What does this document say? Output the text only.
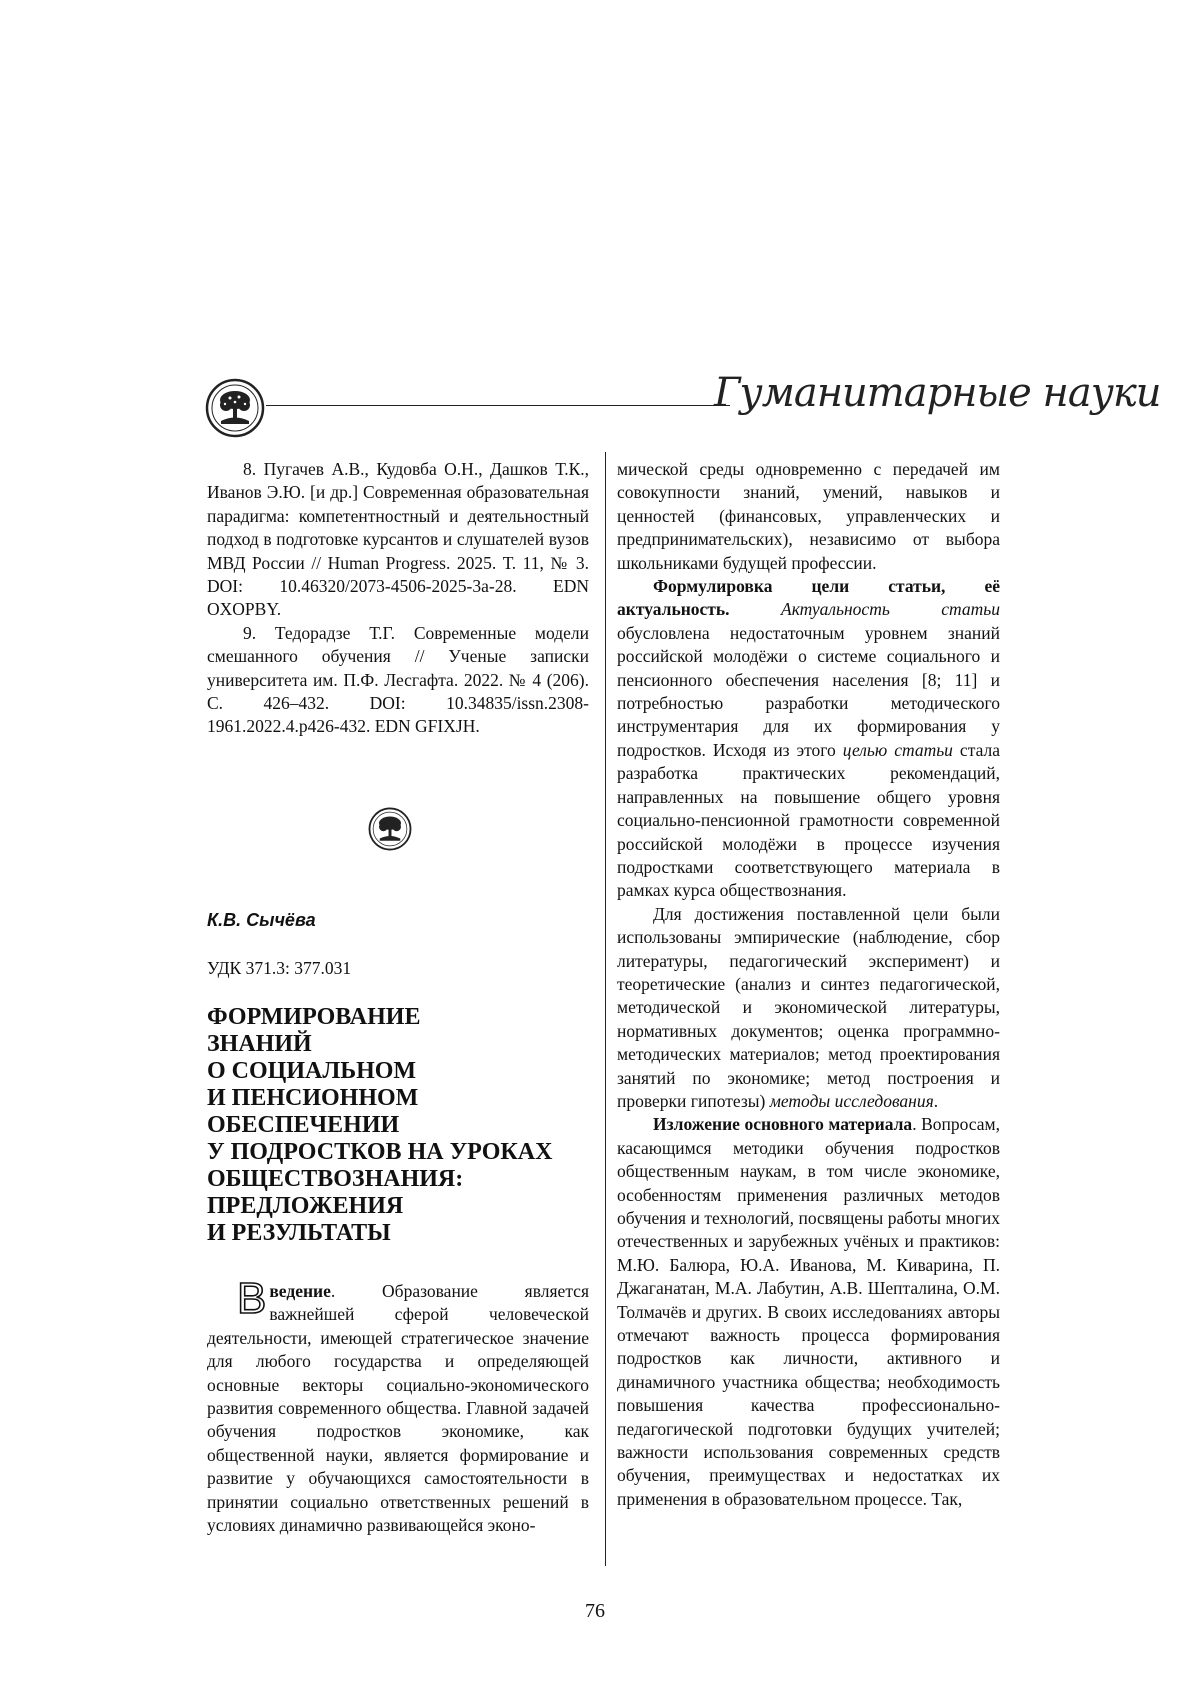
Гуманитарные науки

8. Пугачев А.В., Кудовба О.Н., Дашков Т.К., Иванов Э.Ю. [и др.] Современная образовательная парадигма: компетентностный и деятельностный подход в подготовке курсантов и слушателей вузов МВД России // Human Progress. 2025. Т. 11, № 3. DOI: 10.46320/2073-4506-2025-3a-28. EDN OXOPBY.

9. Тедорадзе Т.Г. Современные модели смешанного обучения // Ученые записки университета им. П.Ф. Лесгафта. 2022. № 4 (206). С. 426–432. DOI: 10.34835/issn.2308-1961.2022.4.p426-432. EDN GFIXJH.

К.В. Сычёва
УДК 371.3: 377.031
ФОРМИРОВАНИЕ
ЗНАНИЙ
О СОЦИАЛЬНОМ
И ПЕНСИОННОМ
ОБЕСПЕЧЕНИИ
У ПОДРОСТКОВ НА УРОКАХ
ОБЩЕСТВОЗНАНИЯ:
ПРЕДЛОЖЕНИЯ
И РЕЗУЛЬТАТЫ

Введение. Образование является важнейшей сферой человеческой деятельности, имеющей стратегическое значение для любого государства и определяющей основные векторы социально-экономического развития современного общества. Главной задачей обучения подростков экономике, как общественной науки, является формирование и развитие у обучающихся самостоятельности в принятии социально ответственных решений в условиях динамично развивающейся эконо-

мической среды одновременно с передачей им совокупности знаний, умений, навыков и ценностей (финансовых, управленческих и предпринимательских), независимо от выбора школьниками будущей профессии.

Формулировка цели статьи, её актуальность.	Актуальность статьи обусловлена недостаточным уровнем знаний российской молодёжи о системе социального и пенсионного обеспечения населения [8; 11] и потребностью разработки методического инструментария для их формирования у подростков. Исходя из этого целью статьи стала разработка практических рекомендаций, направленных на повышение общего уровня социально-пенсионной грамотности современной российской молодёжи в процессе изучения подростками соответствующего материала в рамках курса обществознания.

Для достижения поставленной цели были использованы эмпирические (наблюдение, сбор литературы, педагогический эксперимент) и теоретические (анализ и синтез педагогической, методической и экономической литературы, нормативных документов; оценка программно-методических материалов; метод проектирования занятий по экономике; метод построения и проверки гипотезы) методы исследования.

Изложение основного материала. Вопросам, касающимся методики обучения подростков общественным наукам, в том числе экономике, особенностям применения различных методов обучения и технологий, посвящены работы многих отечественных и зарубежных учёных и практиков: М.Ю. Балюра, Ю.А. Иванова, М. Киварина, П. Джаганатан, М.А. Лабутин, А.В. Шепталина, О.М. Толмачёв и других. В своих исследованиях авторы отмечают важность процесса формирования подростков как личности, активного и динамичного участника общества; необходимость повышения качества профессионально-педагогической подготовки будущих учителей; важности использования современных средств обучения, преимуществах и недостатках их применения в образовательном процессе. Так,

76
